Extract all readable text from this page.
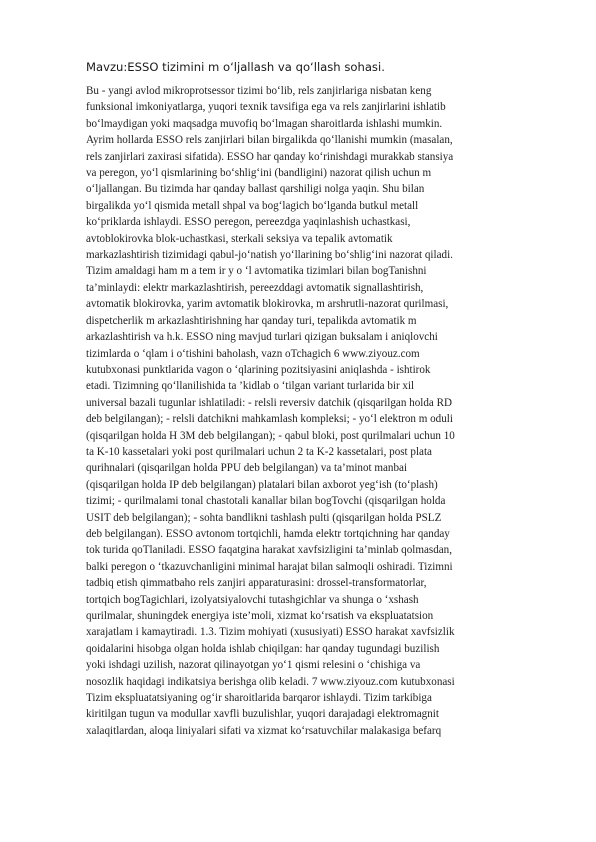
Mavzu:ESSO tizimini m o‘ljallash va qo‘llash sohasi.
Bu - yangi avlod mikroprotsessor tizimi bo‘lib, rels zanjirlariga nisbatan keng
funksional imkoniyatlarga, yuqori texnik tavsifiga ega va rels zanjirlarini ishlatib
bo‘lmaydigan yoki maqsadga muvofiq bo‘lmagan sharoitlarda ishlashi mumkin.
Ayrim hollarda ESSO rels zanjirlari bilan birgalikda qo‘llanishi mumkin (masalan,
rels zanjirlari zaxirasi sifatida). ESSO har qanday ko‘rinishdagi murakkab stansiya
va peregon, yo‘l qismlarining bo‘shlig‘ini (bandligini) nazorat qilish uchun m
o‘ljallangan. Bu tizimda har qanday ballast qarshiligi nolga yaqin. Shu bilan
birgalikda yo‘l qismida metall shpal va bog‘lagich bo‘lganda butkul metall
ko‘priklarda ishlaydi. ESSO peregon, pereezdga yaqinlashish uchastkasi,
avtoblokirovka blok-uchastkasi, sterkali seksiya va tepalik avtomatik
markazlashtirish tizimidagi qabul-jo‘natish yo‘llarining bo‘shlig‘ini nazorat qiladi.
Tizim amaldagi ham m a tem ir y o ‘l avtomatika tizimlari bilan bogTanishni
ta’minlaydi: elektr markazlashtirish, pereezddagi avtomatik signallashtirish,
avtomatik blokirovka, yarim avtomatik blokirovka, m arshrutli-nazorat qurilmasi,
dispetcherlik m arkazlashtirishning har qanday turi, tepalikda avtomatik m
arkazlashtirish va h.k. ESSO ning mavjud turlari qizigan buksalam i aniqlovchi
tizimlarda o ‘qlam i o‘tishini baholash, vazn oTchagich 6 www.ziyouz.com
kutubxonasi punktlarida vagon o ‘qlarining pozitsiyasini aniqlashda - ishtirok
etadi. Tizimning qo‘llanilishida ta ’kidlab o ‘tilgan variant turlarida bir xil
universal bazali tugunlar ishlatiladi: - relsli reversiv datchik (qisqarilgan holda RD
deb belgilangan); - relsli datchikni mahkamlash kompleksi; - yo‘l elektron m oduli
(qisqarilgan holda H 3M deb belgilangan); - qabul bloki, post qurilmalari uchun 10
ta K-10 kassetalari yoki post qurilmalari uchun 2 ta K-2 kassetalari, post plata
qurihnalari (qisqarilgan holda PPU deb belgilangan) va ta’minot manbai
(qisqarilgan holda IP deb belgilangan) platalari bilan axborot yeg‘ish (to‘plash)
tizimi; - qurilmalami tonal chastotali kanallar bilan bogTovchi (qisqarilgan holda
USIT deb belgilangan); - sohta bandlikni tashlash pulti (qisqarilgan holda PSLZ
deb belgilangan). ESSO avtonom tortqichli, hamda elektr tortqichning har qanday
tok turida qoTlaniladi. ESSO faqatgina harakat xavfsizligini ta’minlab qolmasdan,
balki peregon o ‘tkazuvchanligini minimal harajat bilan salmoqli oshiradi. Tizimni
tadbiq etish qimmatbaho rels zanjiri apparaturasini: drossel-transformatorlar,
tortqich bogTagichlari, izolyatsiyalovchi tutashgichlar va shunga o ‘xshash
qurilmalar, shuningdek energiya iste’moli, xizmat ko‘rsatish va ekspluatatsion
xarajatlam i kamaytiradi. 1.3. Tizim mohiyati (xususiyati) ESSO harakat xavfsizlik
qoidalarini hisobga olgan holda ishlab chiqilgan: har qanday tugundagi buzilish
yoki ishdagi uzilish, nazorat qilinayotgan yo‘1 qismi relesini o ‘chishiga va
nosozlik haqidagi indikatsiya berishga olib keladi. 7 www.ziyouz.com kutubxonasi
Tizim ekspluatatsiyaning og‘ir sharoitlarida barqaror ishlaydi. Tizim tarkibiga
kiritilgan tugun va modullar xavfli buzulishlar, yuqori darajadagi elektromagnit
xalaqitlardan, aloqa liniyalari sifati va xizmat ko‘rsatuvchilar malakasiga befarq
